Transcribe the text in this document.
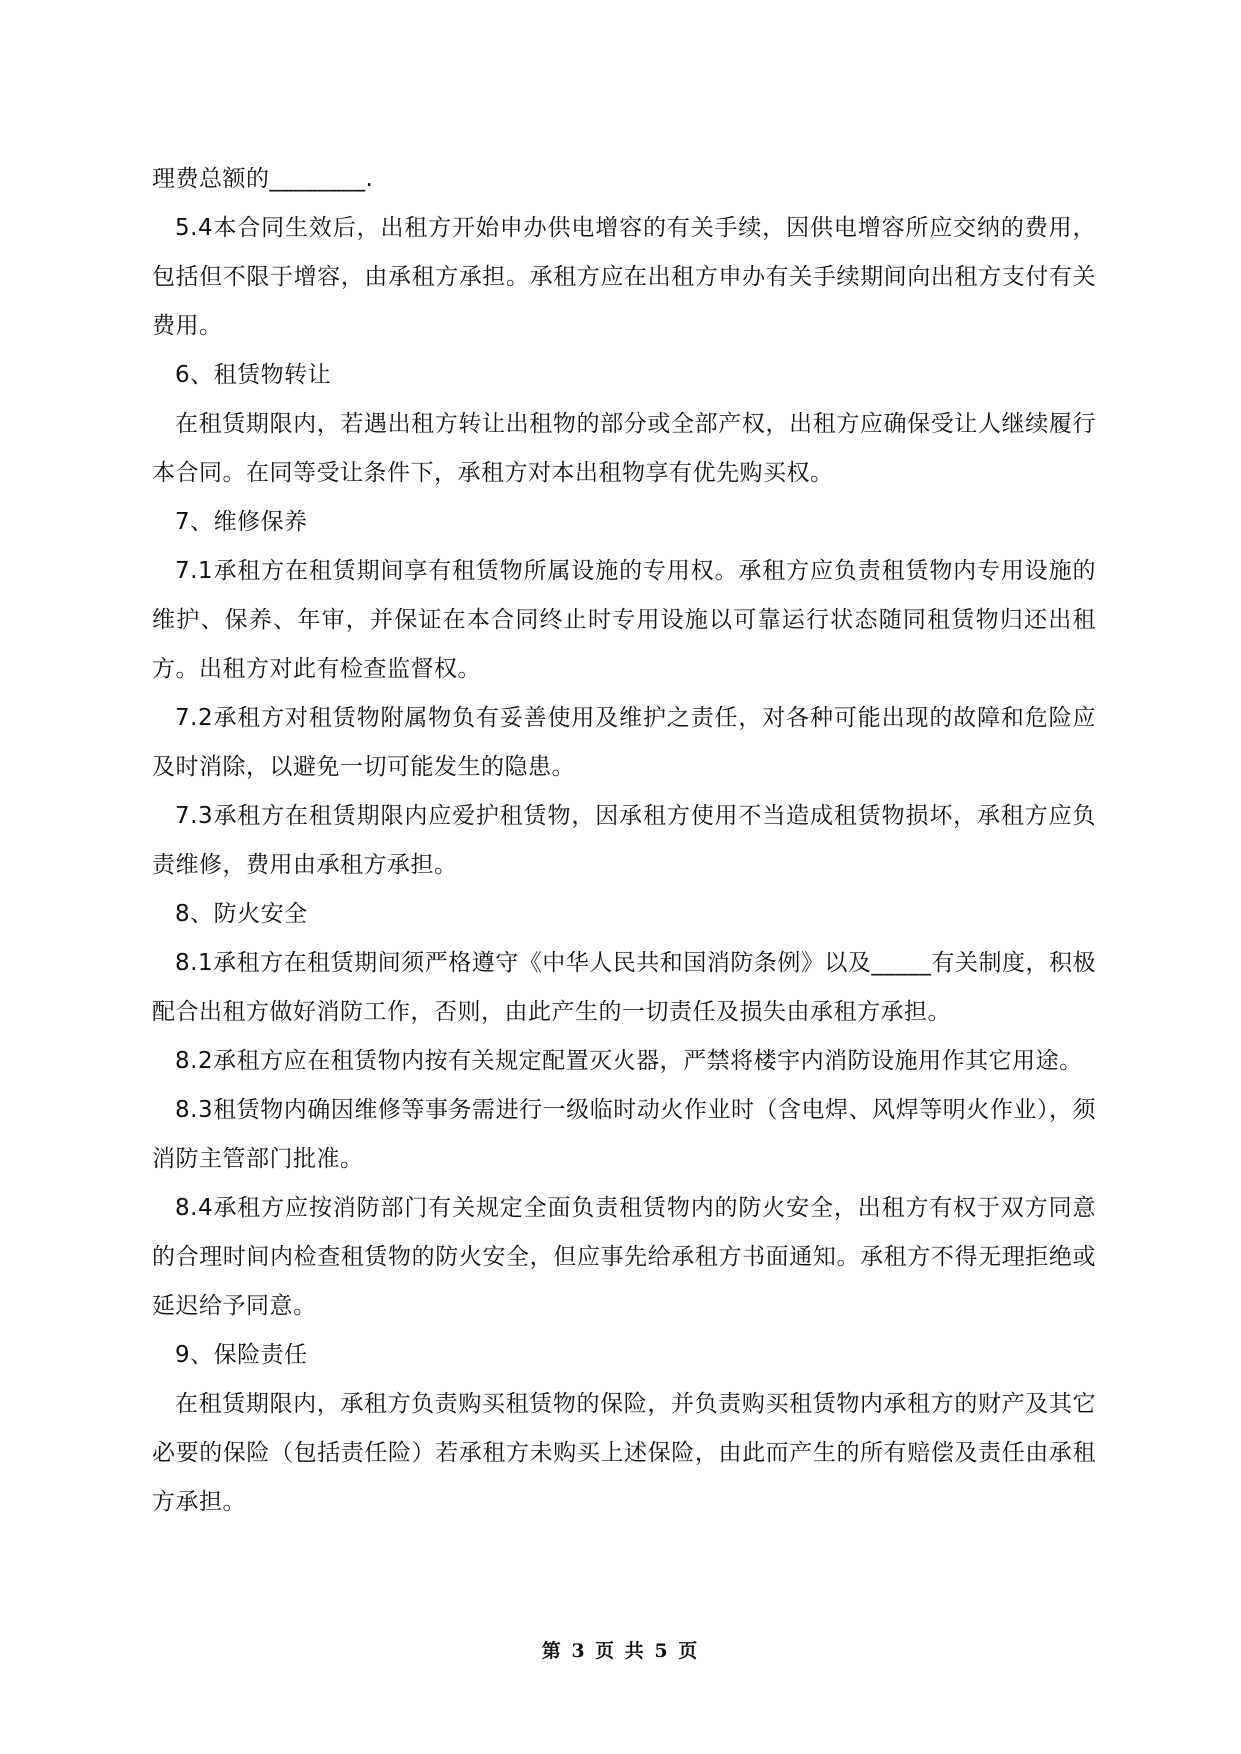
理费总额的________.

5.4本合同生效后，出租方开始申办供电增容的有关手续，因供电增容所应交纳的费用，包括但不限于增容，由承租方承担。承租方应在出租方申办有关手续期间向出租方支付有关费用。

6、租赁物转让

在租赁期限内，若遇出租方转让出租物的部分或全部产权，出租方应确保受让人继续履行本合同。在同等受让条件下，承租方对本出租物享有优先购买权。

7、维修保养

7.1承租方在租赁期间享有租赁物所属设施的专用权。承租方应负责租赁物内专用设施的维护、保养、年审，并保证在本合同终止时专用设施以可靠运行状态随同租赁物归还出租方。出租方对此有检查监督权。

7.2承租方对租赁物附属物负有妥善使用及维护之责任，对各种可能出现的故障和危险应及时消除，以避免一切可能发生的隐患。

7.3承租方在租赁期限内应爱护租赁物，因承租方使用不当造成租赁物损坏，承租方应负责维修，费用由承租方承担。

8、防火安全

8.1承租方在租赁期间须严格遵守《中华人民共和国消防条例》以及_____有关制度，积极配合出租方做好消防工作，否则，由此产生的一切责任及损失由承租方承担。

8.2承租方应在租赁物内按有关规定配置灭火器，严禁将楼宇内消防设施用作其它用途。

8.3租赁物内确因维修等事务需进行一级临时动火作业时（含电焊、风焊等明火作业），须消防主管部门批准。

8.4承租方应按消防部门有关规定全面负责租赁物内的防火安全，出租方有权于双方同意的合理时间内检查租赁物的防火安全，但应事先给承租方书面通知。承租方不得无理拒绝或延迟给予同意。

9、保险责任

在租赁期限内，承租方负责购买租赁物的保险，并负责购买租赁物内承租方的财产及其它必要的保险（包括责任险）若承租方未购买上述保险，由此而产生的所有赔偿及责任由承租方承担。

第 3 页 共 5 页
